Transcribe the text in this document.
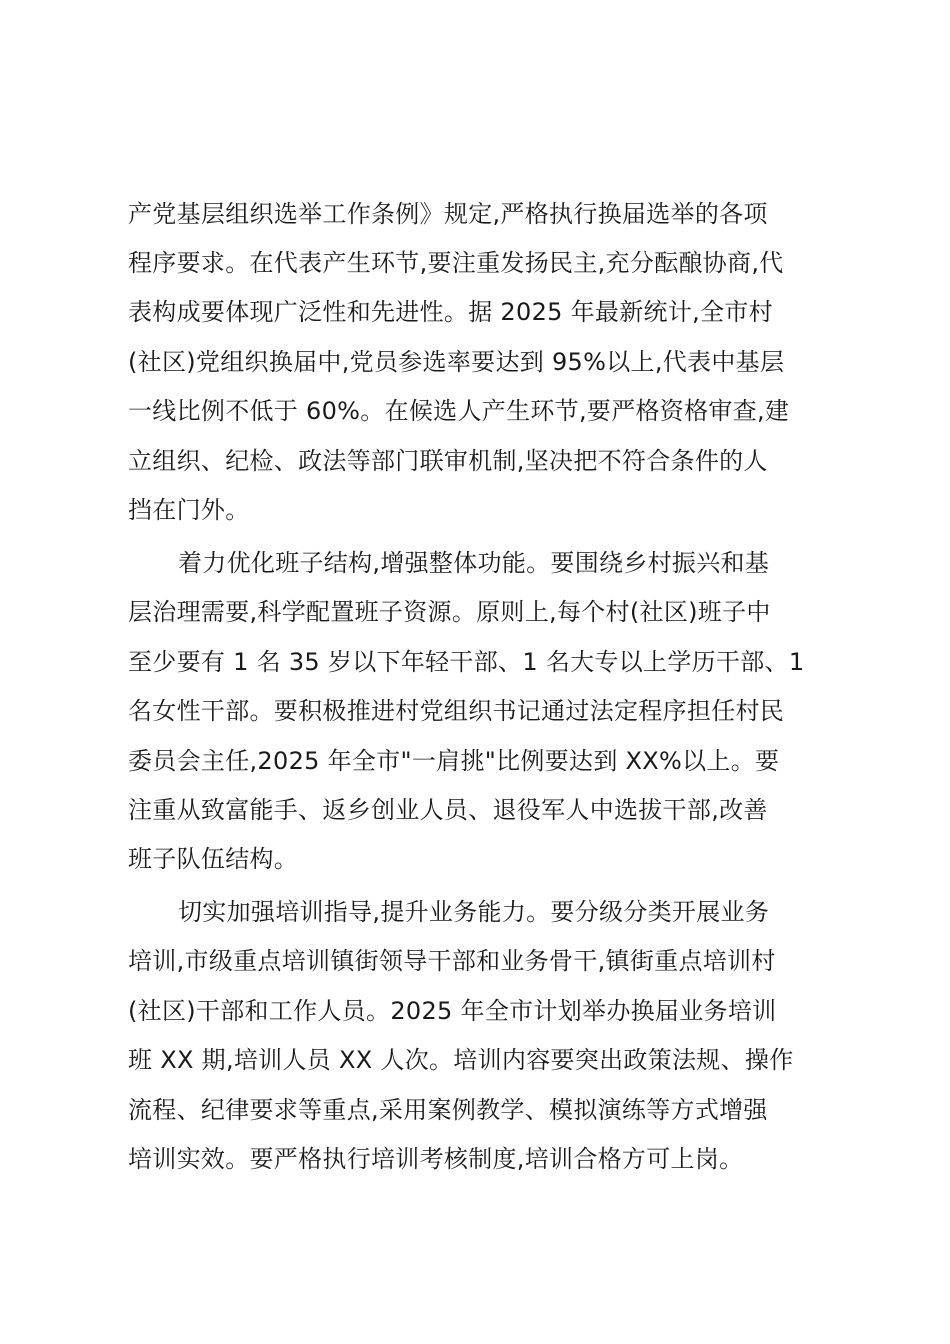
产党基层组织选举工作条例》规定,严格执行换届选举的各项
程序要求。在代表产生环节,要注重发扬民主,充分酝酿协商,代
表构成要体现广泛性和先进性。据 2025 年最新统计,全市村
(社区)党组织换届中,党员参选率要达到 95%以上,代表中基层
一线比例不低于 60%。在候选人产生环节,要严格资格审查,建
立组织、纪检、政法等部门联审机制,坚决把不符合条件的人
挡在门外。
着力优化班子结构,增强整体功能。要围绕乡村振兴和基
层治理需要,科学配置班子资源。原则上,每个村(社区)班子中
至少要有 1 名 35 岁以下年轻干部、1 名大专以上学历干部、1
名女性干部。要积极推进村党组织书记通过法定程序担任村民
委员会主任,2025 年全市"一肩挑"比例要达到 XX%以上。要
注重从致富能手、返乡创业人员、退役军人中选拔干部,改善
班子队伍结构。
切实加强培训指导,提升业务能力。要分级分类开展业务
培训,市级重点培训镇街领导干部和业务骨干,镇街重点培训村
(社区)干部和工作人员。2025 年全市计划举办换届业务培训
班 XX 期,培训人员 XX 人次。培训内容要突出政策法规、操作
流程、纪律要求等重点,采用案例教学、模拟演练等方式增强
培训实效。要严格执行培训考核制度,培训合格方可上岗。
